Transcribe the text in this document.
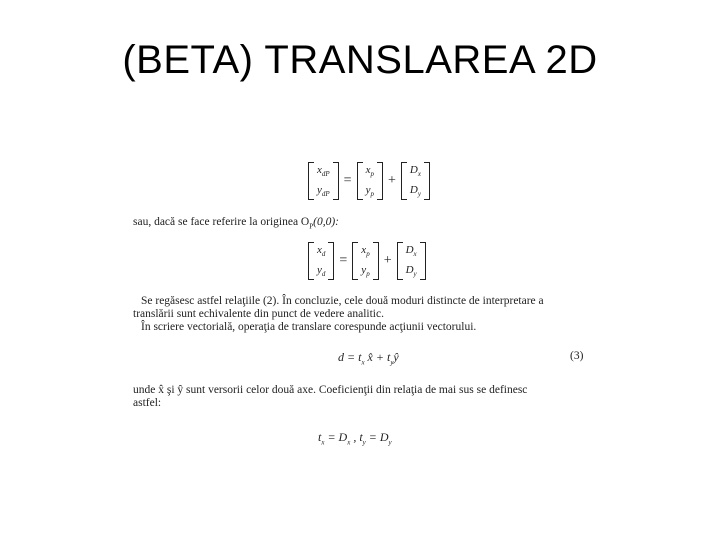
(BETA) TRANSLAREA 2D
$x_{dP}$
$y_{dP}$
=
$x_p$
$y_p$
+
$D_x$
$D_y$
sau, dacă se face referire la originea $O_P(0,0)$:
$x_d$
$y_d$
=
$x_p$
$y_p$
+
$D_x$
$D_y$
Se regăsesc astfel relaţiile (2). În concluzie, cele două moduri distincte de interpretare a
translării sunt echivalente din punct de vedere analitic.
În scriere vectorială, operaţia de translare corespunde acţiunii vectorului.
$d = t_x$ x̂ + $t_yŷ$	(3)
unde x̂ şi ŷ sunt versorii celor două axe. Coeficienţii din relaţia de mai sus se definesc
astfel:
$t_x = D_x$ , $t_y = D_y$
